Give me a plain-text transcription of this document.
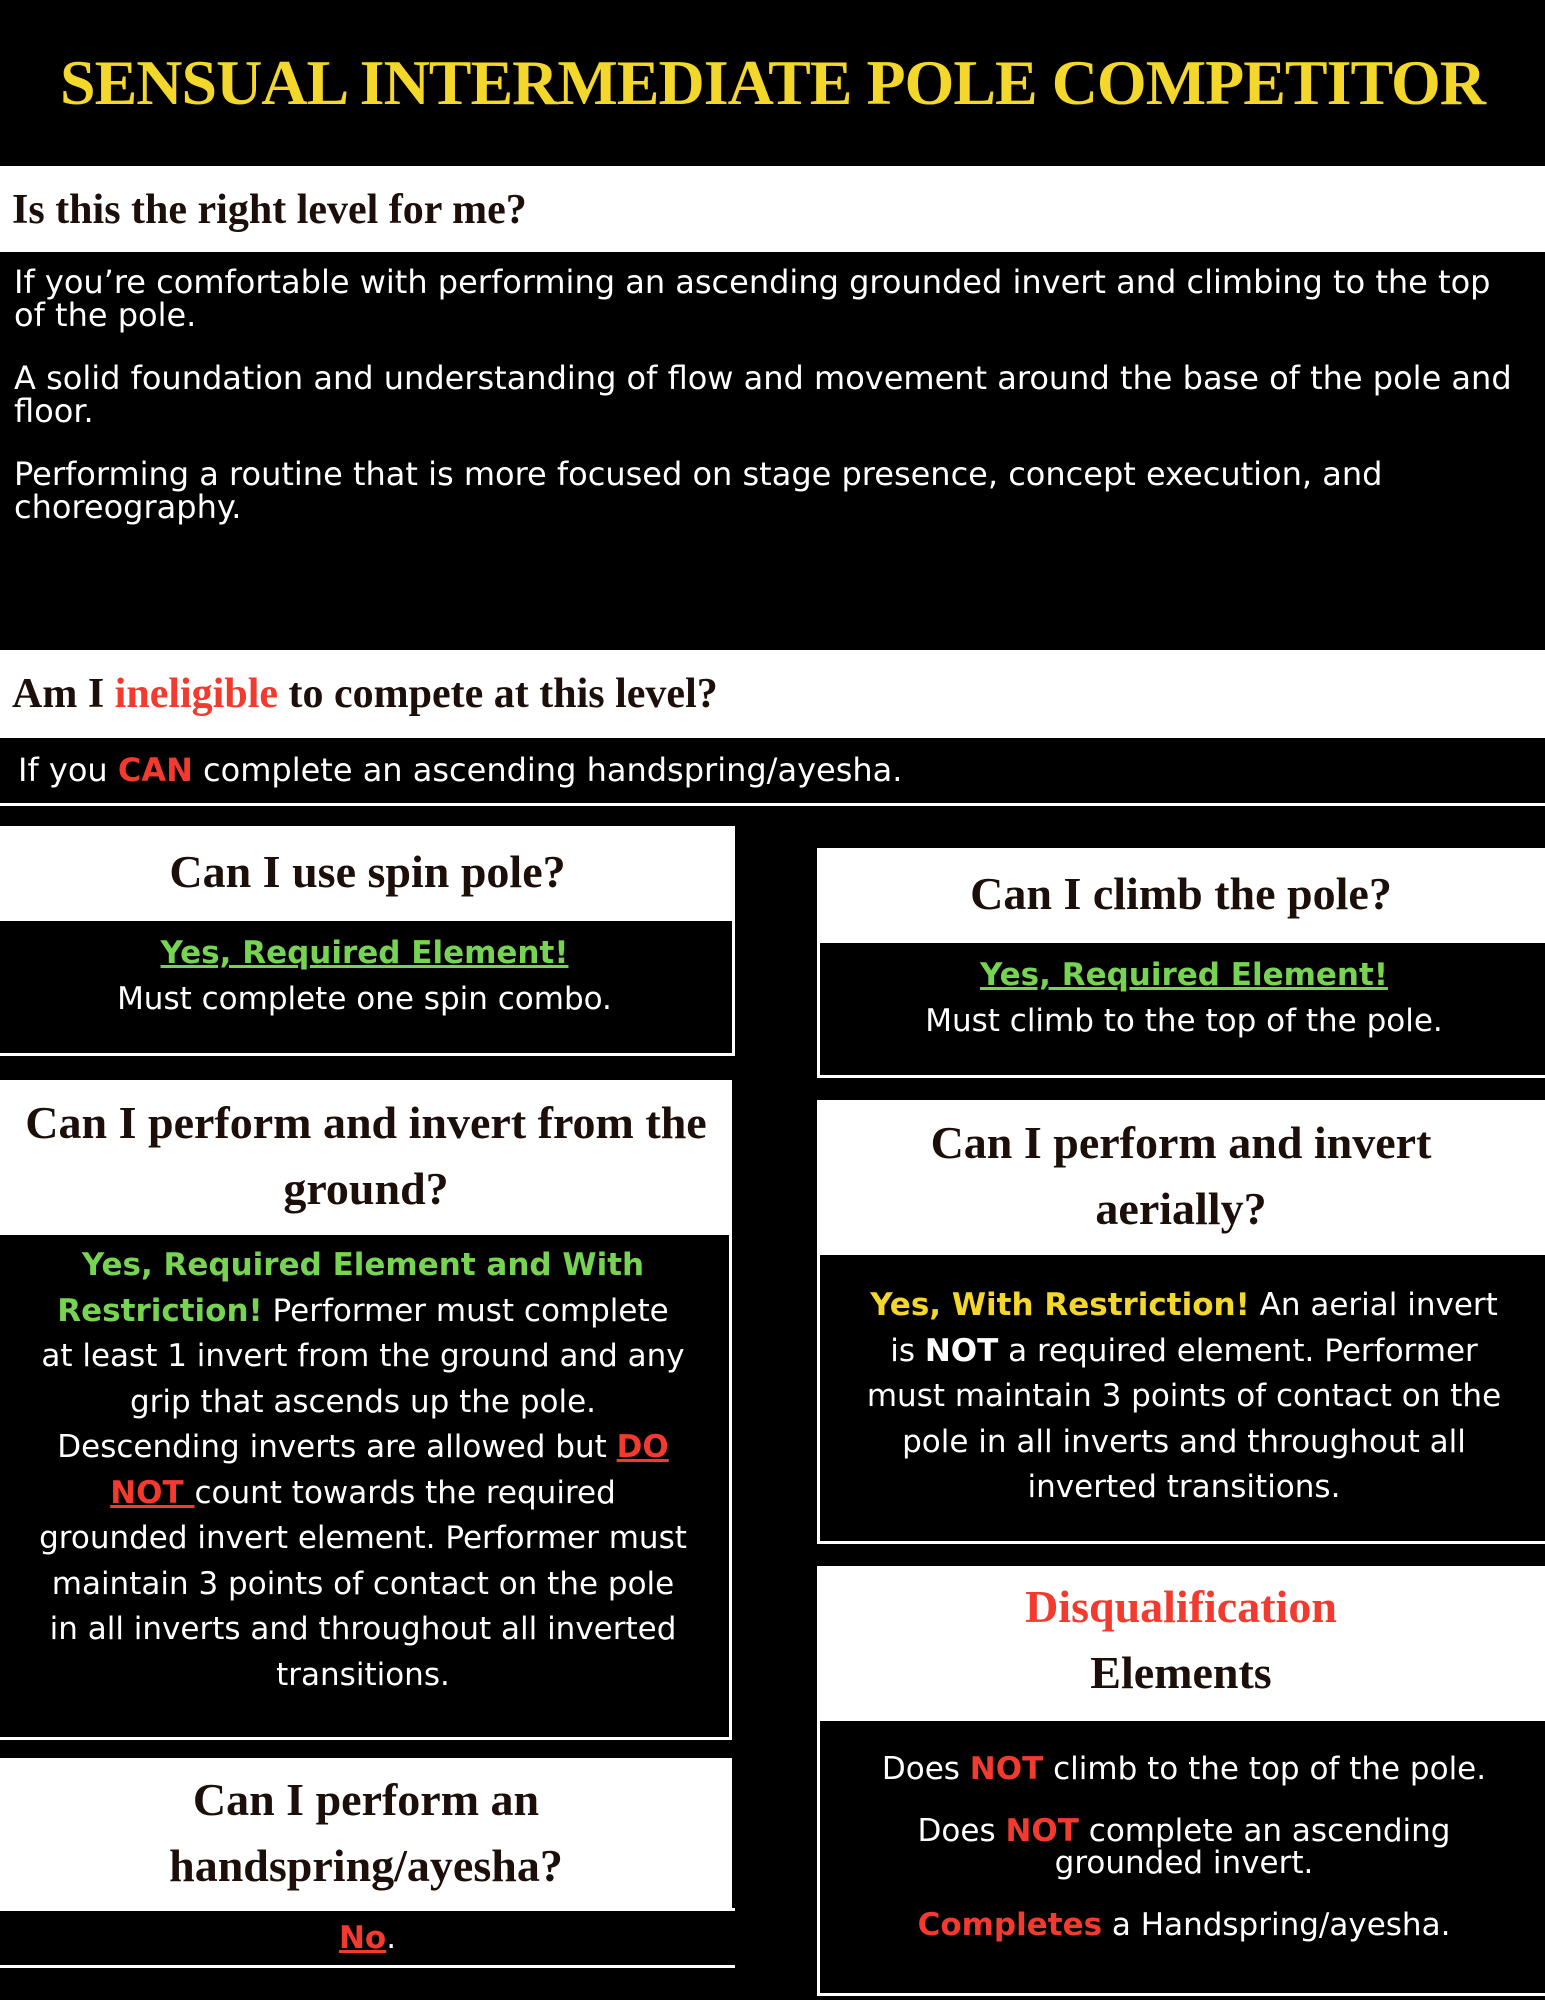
SENSUAL INTERMEDIATE POLE COMPETITOR
Is this the right level for me?

If you’re comfortable with performing an ascending grounded invert and climbing to the top of the pole.

A solid foundation and understanding of flow and movement around the base of the pole and floor.

Performing a routine that is more focused on stage presence, concept execution, and choreography.

Am I ineligible to compete at this level?
If you CAN complete an ascending handspring/ayesha.
Can I use spin pole?
Yes, Required Element!
Must complete one spin combo.
Can I climb the pole?
Yes, Required Element!
Must climb to the top of the pole.
Can I perform and invert from the ground?
Yes, Required Element and With Restriction! Performer must complete at least 1 invert from the ground and any grip that ascends up the pole. Descending inverts are allowed but DO NOT count towards the required grounded invert element. Performer must maintain 3 points of contact on the pole in all inverts and throughout all inverted transitions.
Can I perform and invert aerially?
Yes, With Restriction! An aerial invert is NOT a required element. Performer must maintain 3 points of contact on the pole in all inverts and throughout all inverted transitions.
Can I perform an handspring/ayesha?
No.
Disqualification
Elements
Does NOT climb to the top of the pole.
Does NOT complete an ascending grounded invert.
Completes a Handspring/ayesha.
